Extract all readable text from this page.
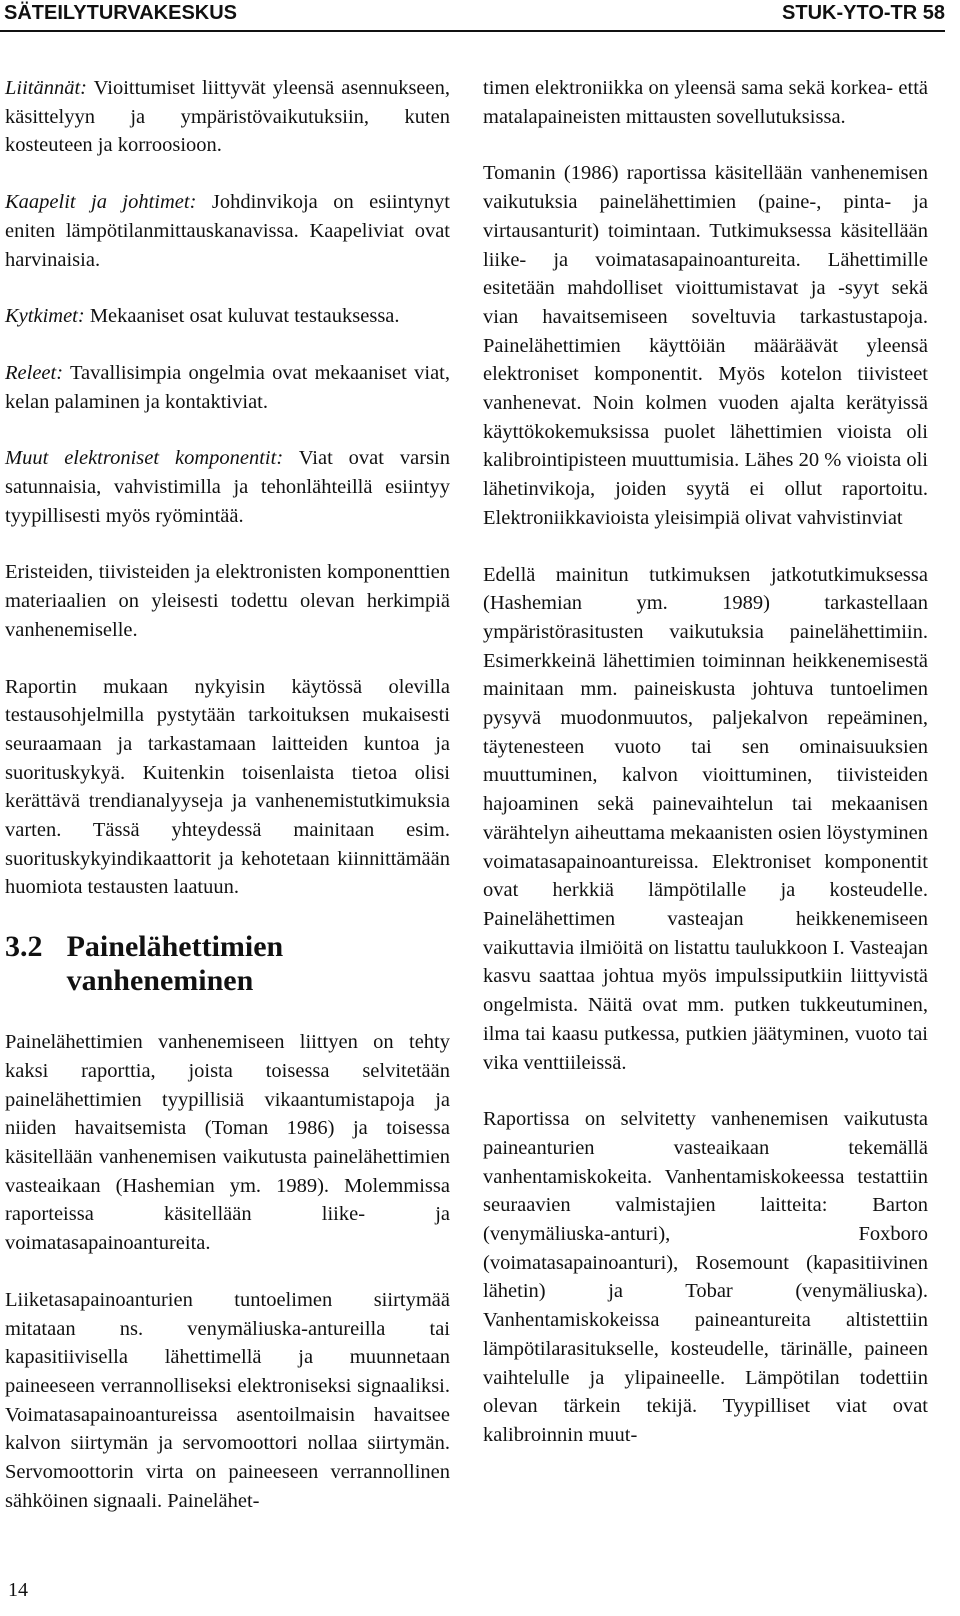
SÄTEILYTURVAKESKUS	STUK-YTO-TR 58

Liitännät: Vioittumiset liittyvät yleensä asennukseen, käsittelyyn ja ympäristövaikutuksiin, kuten kosteuteen ja korroosioon.

Kaapelit ja johtimet: Johdinvikoja on esiintynyt eniten lämpötilanmittauskanavissa. Kaapeliviat ovat harvinaisia.

Kytkimet: Mekaaniset osat kuluvat testauksessa.

Releet: Tavallisimpia ongelmia ovat mekaaniset viat, kelan palaminen ja kontaktiviat.

Muut elektroniset komponentit: Viat ovat varsin satunnaisia, vahvistimilla ja tehonlähteillä esiintyy tyypillisesti myös ryömintää.

Eristeiden, tiivisteiden ja elektronisten komponenttien materiaalien on yleisesti todettu olevan herkimpiä vanhenemiselle.

Raportin mukaan nykyisin käytössä olevilla testausohjelmilla pystytään tarkoituksen mukaisesti seuraamaan ja tarkastamaan laitteiden kuntoa ja suorituskykyä. Kuitenkin toisenlaista tietoa olisi kerättävä trendianalyyseja ja vanhenemistutkimuksia varten. Tässä yhteydessä mainitaan esim. suorituskykyindikaattorit ja kehotetaan kiinnittämään huomiota testausten laatuun.

3.2 Painelähettimien vanheneminen

Painelähettimien vanhenemiseen liittyen on tehty kaksi raporttia, joista toisessa selvitetään painelähettimien tyypillisiä vikaantumistapoja ja niiden havaitsemista (Toman 1986) ja toisessa käsitellään vanhenemisen vaikutusta painelähettimien vasteaikaan (Hashemian ym. 1989). Molemmissa raporteissa käsitellään liike- ja voimatasapainoantureita.

Liiketasapainoanturien tuntoelimen siirtymää mitataan ns. venymäliuska-antureilla tai kapasitiivisella lähettimellä ja muunnetaan paineeseen verrannolliseksi elektroniseksi signaaliksi. Voimatasapainoantureissa asentoilmaisin havaitsee kalvon siirtymän ja servomoottori nollaa siirtymän. Servomoottorin virta on paineeseen verrannollinen sähköinen signaali. Painelähet-

timen elektroniikka on yleensä sama sekä korkea- että matalapaineisten mittausten sovellutuksissa.

Tomanin (1986) raportissa käsitellään vanhenemisen vaikutuksia painelähettimien (paine-, pinta- ja virtausanturit) toimintaan. Tutkimuksessa käsitellään liike- ja voimatasapainoantureita. Lähettimille esitetään mahdolliset vioittumistavat ja -syyt sekä vian havaitsemiseen soveltuvia tarkastustapoja. Painelähettimien käyttöiän määräävät yleensä elektroniset komponentit. Myös kotelon tiivisteet vanhenevat. Noin kolmen vuoden ajalta kerätyissä käyttökokemuksissa puolet lähettimien vioista oli kalibrointipisteen muuttumisia. Lähes 20 % vioista oli lähetinvikoja, joiden syytä ei ollut raportoitu. Elektroniikkavioista yleisimpiä olivat vahvistinviat

Edellä mainitun tutkimuksen jatkotutkimuksessa (Hashemian ym. 1989) tarkastellaan ympäristörasitusten vaikutuksia painelähettimiin. Esimerkkeinä lähettimien toiminnan heikkenemisestä mainitaan mm. paineiskusta johtuva tuntoelimen pysyvä muodonmuutos, paljekalvon repeäminen, täytenesteen vuoto tai sen ominaisuuksien muuttuminen, kalvon vioittuminen, tiivisteiden hajoaminen sekä painevaihtelun tai mekaanisen värähtelyn aiheuttama mekaanisten osien löystyminen voimatasapainoantureissa. Elektroniset komponentit ovat herkkiä lämpötilalle ja kosteudelle. Painelähettimen vasteajan heikkenemiseen vaikuttavia ilmiöitä on listattu taulukkoon I. Vasteajan kasvu saattaa johtua myös impulssiputkiin liittyvistä ongelmista. Näitä ovat mm. putken tukkeutuminen, ilma tai kaasu putkessa, putkien jäätyminen, vuoto tai vika venttiileissä.

Raportissa on selvitetty vanhenemisen vaikutusta paineanturien vasteaikaan tekemällä vanhentamiskokeita. Vanhentamiskokeessa testattiin seuraavien valmistajien laitteita: Barton (venymäliuska-anturi), Foxboro (voimatasapainoanturi), Rosemount (kapasitiivinen lähetin) ja Tobar (venymäliuska). Vanhentamiskokeissa paineantureita altistettiin lämpötilarasitukselle, kosteudelle, tärinälle, paineen vaihtelulle ja ylipaineelle. Lämpötilan todettiin olevan tärkein tekijä. Tyypilliset viat ovat kalibroinnin muut-

14
